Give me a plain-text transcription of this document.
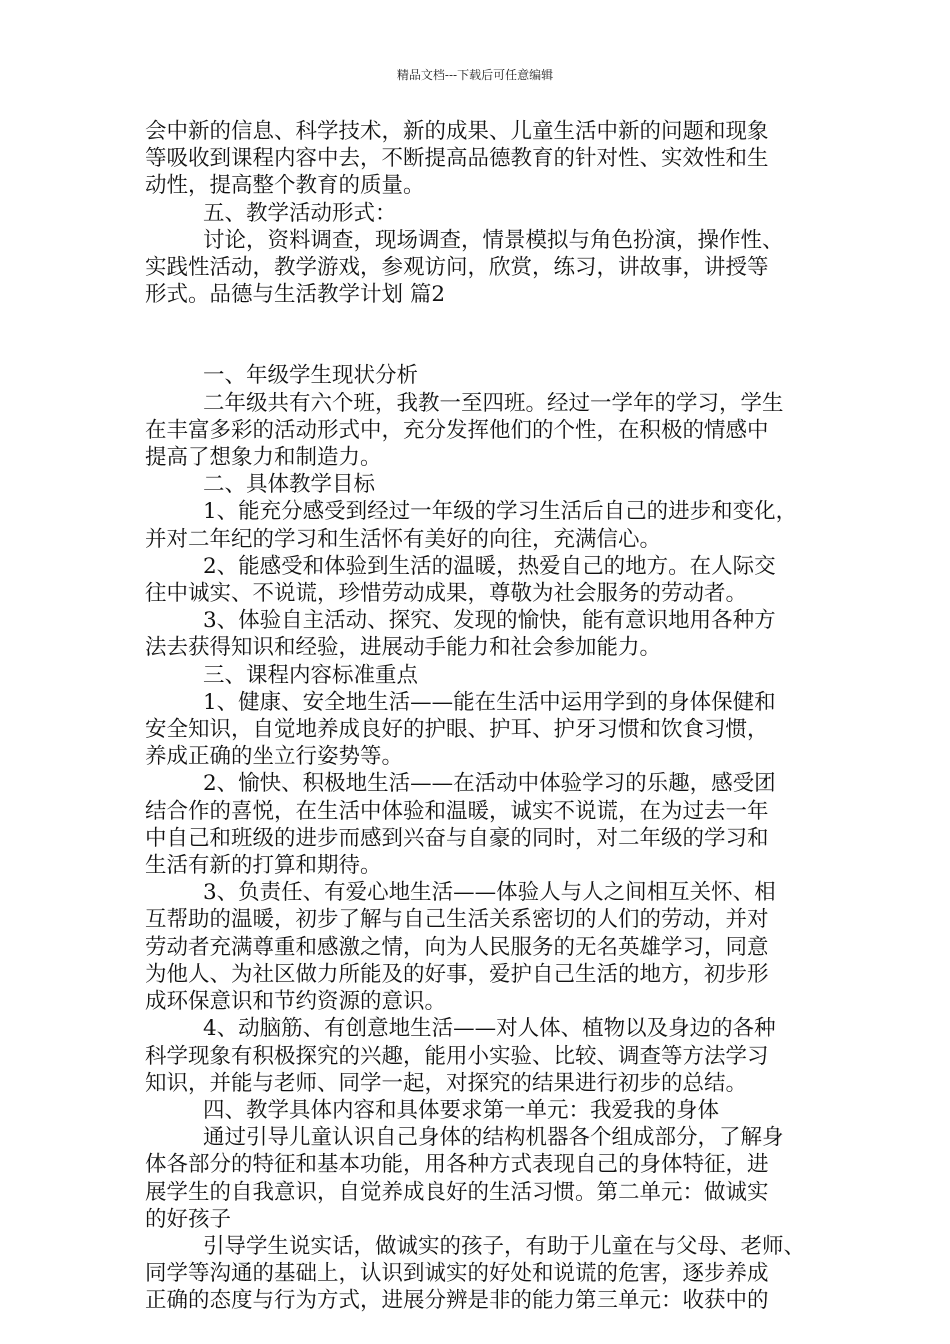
精品文档---下载后可任意编辑

会中新的信息、科学技术，新的成果、儿童生活中新的问题和现象

等吸收到课程内容中去，不断提高品德教育的针对性、实效性和生

动性，提高整个教育的质量。

五、教学活动形式：

讨论，资料调查，现场调查，情景模拟与角色扮演，操作性、

实践性活动，教学游戏，参观访问，欣赏，练习，讲故事，讲授等

形式。品德与生活教学计划 篇2

一、年级学生现状分析

二年级共有六个班，我教一至四班。经过一学年的学习，学生

在丰富多彩的活动形式中，充分发挥他们的个性，在积极的情感中

提高了想象力和制造力。

二、具体教学目标

1、能充分感受到经过一年级的学习生活后自己的进步和变化，

并对二年纪的学习和生活怀有美好的向往，充满信心。

2、能感受和体验到生活的温暖，热爱自己的地方。在人际交

往中诚实、不说谎，珍惜劳动成果，尊敬为社会服务的劳动者。

3、体验自主活动、探究、发现的愉快，能有意识地用各种方

法去获得知识和经验，进展动手能力和社会参加能力。

三、课程内容标准重点

1、健康、安全地生活——能在生活中运用学到的身体保健和

安全知识，自觉地养成良好的护眼、护耳、护牙习惯和饮食习惯，

养成正确的坐立行姿势等。

2、愉快、积极地生活——在活动中体验学习的乐趣，感受团

结合作的喜悦，在生活中体验和温暖，诚实不说谎，在为过去一年

中自己和班级的进步而感到兴奋与自豪的同时，对二年级的学习和

生活有新的打算和期待。

3、负责任、有爱心地生活——体验人与人之间相互关怀、相

互帮助的温暖，初步了解与自己生活关系密切的人们的劳动，并对

劳动者充满尊重和感激之情，向为人民服务的无名英雄学习，同意

为他人、为社区做力所能及的好事，爱护自己生活的地方，初步形

成环保意识和节约资源的意识。

4、动脑筋、有创意地生活——对人体、植物以及身边的各种

科学现象有积极探究的兴趣，能用小实验、比较、调查等方法学习

知识，并能与老师、同学一起，对探究的结果进行初步的总结。

四、教学具体内容和具体要求第一单元：我爱我的身体

通过引导儿童认识自己身体的结构机器各个组成部分，了解身

体各部分的特征和基本功能，用各种方式表现自己的身体特征，进

展学生的自我意识，自觉养成良好的生活习惯。第二单元：做诚实

的好孩子

引导学生说实话，做诚实的孩子，有助于儿童在与父母、老师、

同学等沟通的基础上，认识到诚实的好处和说谎的危害，逐步养成

正确的态度与行为方式，进展分辨是非的能力第三单元：收获中的
